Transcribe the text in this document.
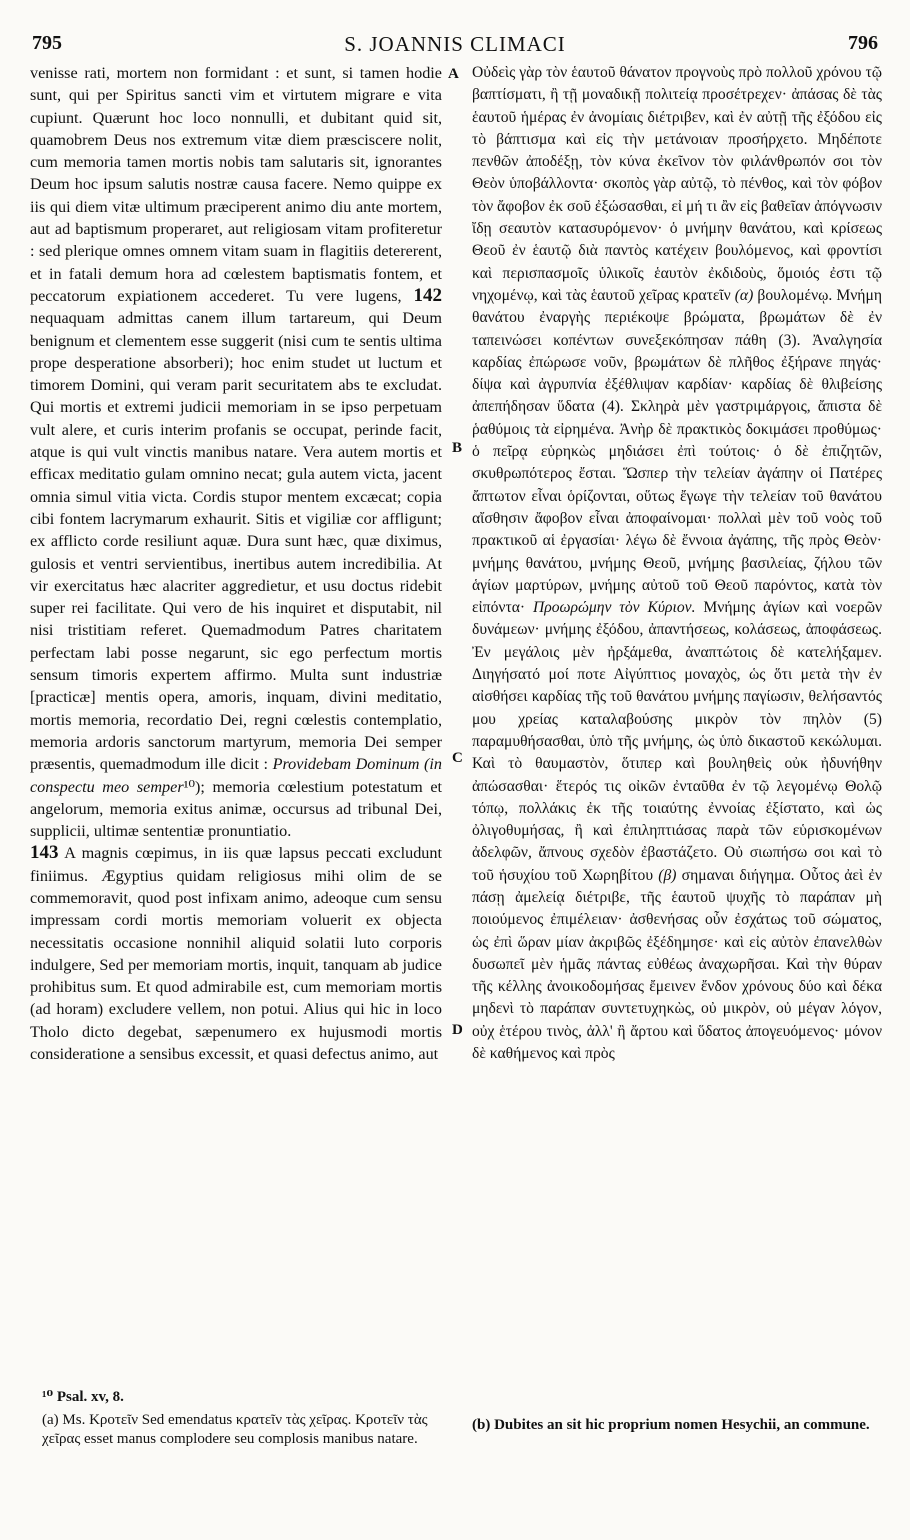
795	S. JOANNIS CLIMACI	796

venisse rati, mortem non formidant : et sunt, si tamen hodie sunt, qui per Spiritus sancti vim et virtutem migrare e vita cupiunt. Quærunt hoc loco nonnulli, et dubitant quid sit, quamobrem Deus nos extremum vitæ diem præsciscere nolit, cum memoria tamen mortis nobis tam salutaris sit, ignorantes Deum hoc ipsum salutis nostræ causa facere. Nemo quippe ex iis qui diem vitæ ultimum præciperent animo diu ante mortem, aut ad baptismum properaret, aut religiosam vitam profiteretur : sed plerique omnes omnem vitam suam in flagitiis detererent, et in fatali demum hora ad cœlestem baptismatis fontem, et peccatorum expiationem accederet. Tu vere lugens, 142 nequaquam admittas canem illum tartareum, qui Deum benignum et clementem esse suggerit (nisi cum te sentis ultima prope desperatione absorberi); hoc enim studet ut luctum et timorem Domini, qui veram parit securitatem abs te excludat. Qui mortis et extremi judicii memoriam in se ipso perpetuam vult alere, et curis interim profanis se occupat, perinde facit, atque is qui vult vinctis manibus natare. Vera autem mortis et efficax meditatio gulam omnino necat; gula autem victa, jacent omnia simul vitia victa. Cordis stupor mentem excæcat; copia cibi fontem lacrymarum exhaurit. Sitis et vigiliæ cor affligunt; ex afflicto corde resiliunt aquæ. Dura sunt hæc, quæ diximus, gulosis et ventri servientibus, inertibus autem incredibilia. At vir exercitatus hæc alacriter aggredietur, et usu doctus ridebit super rei facilitate. Qui vero de his inquiret et disputabit, nil nisi tristitiam referet. Quemadmodum Patres charitatem perfectam labi posse negarunt, sic ego perfectum mortis sensum timoris expertem affirmo. Multa sunt industriæ [practicæ] mentis opera, amoris, inquam, divini meditatio, mortis memoria, recordatio Dei, regni cœlestis contemplatio, memoria ardoris sanctorum martyrum, memoria Dei semper præsentis, quemadmodum ille dicit : Providebam Dominum (in conspectu meo semper¹⁰); memoria cœlestium potestatum et angelorum, memoria exitus animæ, occursus ad tribunal Dei, supplicii, ultimæ sententiæ pronuntiatio.
143 A magnis cœpimus, in iis quæ lapsus peccati excludunt finiimus. Ægyptius quidam religiosus mihi olim de se commemoravit, quod post infixam animo, adeoque cum sensu impressam cordi mortis memoriam voluerit ex objecta necessitatis occasione nonnihil aliquid solatii luto corporis indulgere, Sed per memoriam mortis, inquit, tanquam ab judice prohibitus sum. Et quod admirabile est, cum memoriam mortis (ad horam) excludere vellem, non potui. Alius qui hic in loco Tholo dicto degebat, sæpenumero ex hujusmodi mortis consideratione a sensibus excessit, et quasi defectus animo, aut

A
B
C
D

Οὐδεὶς γὰρ τὸν ἑαυτοῦ θάνατον προγνοὺς πρὸ πολλοῦ χρόνου τῷ βαπτίσματι, ἢ τῇ μοναδικῇ πολιτείᾳ προσέτρεχεν· ἀπάσας δὲ τὰς ἑαυτοῦ ἡμέρας ἐν ἀνομίαις διέτριβεν, καὶ ἐν αὐτῇ τῆς ἐξόδου εἰς τὸ βάπτισμα καὶ εἰς τὴν μετάνοιαν προσήρχετο. Μηδέποτε πενθῶν ἀποδέξῃ, τὸν κύνα ἐκεῖνον τὸν φιλάνθρωπόν σοι τὸν Θεὸν ὑποβάλλοντα· σκοπὸς γὰρ αὐτῷ, τὸ πένθος, καὶ τὸν φόβον τὸν ἄφοβον ἐκ σοῦ ἐξώσασθαι, εἰ μή τι ἂν εἰς βαθεῖαν ἀπόγνωσιν ἴδῃ σεαυτὸν κατασυρόμενον· ὁ μνήμην θανάτου, καὶ κρίσεως Θεοῦ ἐν ἑαυτῷ διὰ παντὸς κατέχειν βουλόμενος, καὶ φροντίσι καὶ περισπασμοῖς ὑλικοῖς ἑαυτὸν ἐκδιδοὺς, ὅμοιός ἐστι τῷ νηχομένῳ, καὶ τὰς ἑαυτοῦ χεῖρας κρατεῖν (α) βουλομένῳ. Μνήμη θανάτου ἐναργὴς περιέκοψε βρώματα, βρωμάτων δὲ ἐν ταπεινώσει κοπέντων συνεξεκόπησαν πάθη (3). Ἀναλγησία καρδίας ἐπώρωσε νοῦν, βρωμάτων δὲ πλῆθος ἐξήρανε πηγάς· δίψα καὶ ἀγρυπνία ἐξέθλιψαν καρδίαν· καρδίας δὲ θλιβείσης ἀπεπήδησαν ὕδατα (4). Σκληρὰ μὲν γαστριμάργοις, ἄπιστα δὲ ῥαθύμοις τὰ εἰρημένα. Ἀνὴρ δὲ πρακτικὸς δοκιμάσει προθύμως· ὁ πεῖρᾳ εὑρηκὼς μηδιάσει ἐπὶ τούτοις· ὁ δὲ ἐπιζητῶν, σκυθρωπότερος ἔσται. Ὥσπερ τὴν τελείαν ἀγάπην οἱ Πατέρες ἄπτωτον εἶναι ὁρίζονται, οὕτως ἔγωγε τὴν τελείαν τοῦ θανάτου αἴσθησιν ἄφοβον εἶναι ἀποφαίνομαι· πολλαὶ μὲν τοῦ νοὸς τοῦ πρακτικοῦ αἱ ἐργασίαι· λέγω δὲ ἔννοια ἀγάπης, τῆς πρὸς Θεὸν· μνήμης θανάτου, μνήμης Θεοῦ, μνήμης βασιλείας, ζήλου τῶν ἁγίων μαρτύρων, μνήμης αὐτοῦ τοῦ Θεοῦ παρόντος, κατὰ τὸν εἰπόντα· Προωρώμην τὸν Κύριον. Μνήμης ἁγίων καὶ νοερῶν δυνάμεων· μνήμης ἐξόδου, ἀπαντήσεως, κολάσεως, ἀποφάσεως. Ἐν μεγάλοις μὲν ἠρξάμεθα, ἀναπτώτοις δὲ κατελήξαμεν. Διηγήσατό μοί ποτε Αἰγύπτιος μοναχὸς, ὡς ὅτι μετὰ τὴν ἐν αἰσθήσει καρδίας τῆς τοῦ θανάτου μνήμης παγίωσιν, θελήσαντός μου χρείας καταλαβούσης μικρὸν τὸν πηλὸν (5) παραμυθήσασθαι, ὑπὸ τῆς μνήμης, ὡς ὑπὸ δικαστοῦ κεκώλυμαι. Καὶ τὸ θαυμαστὸν, ὅτιπερ καὶ βουληθεὶς οὐκ ἠδυνήθην ἀπώσασθαι· ἕτερός τις οἰκῶν ἐνταῦθα ἐν τῷ λεγομένῳ Θολῷ τόπῳ, πολλάκις ἐκ τῆς τοιαύτης ἐννοίας ἐξίστατο, καὶ ὡς ὀλιγοθυμήσας, ἢ καὶ ἐπιληπτιάσας παρὰ τῶν εὑρισκομένων ἀδελφῶν, ἄπνους σχεδὸν ἐβαστάζετο. Οὐ σιωπήσω σοι καὶ τὸ τοῦ ἡσυχίου τοῦ Χωρηβίτου (β) σημαναι διήγημα. Οὗτος ἀεὶ ἐν πάσῃ ἀμελείᾳ διέτριβε, τῆς ἑαυτοῦ ψυχῆς τὸ παράπαν μὴ ποιούμενος ἐπιμέλειαν· ἀσθενήσας οὖν ἐσχάτως τοῦ σώματος, ὡς ἐπὶ ὥραν μίαν ἀκριβῶς ἐξέδημησε· καὶ εἰς αὐτὸν ἐπανελθὼν δυσωπεῖ μὲν ἡμᾶς πάντας εὐθέως ἀναχωρῆσαι. Καὶ τὴν θύραν τῆς κέλλης ἀνοικοδομήσας ἔμεινεν ἔνδον χρόνους δύο καὶ δέκα μηδενὶ τὸ παράπαν συντετυχηκὼς, οὐ μικρὸν, οὐ μέγαν λόγον, οὐχ ἑτέρου τινὸς, ἀλλ' ἢ ἄρτου καὶ ὕδατος ἀπογευόμενος· μόνον δὲ καθήμενος καὶ πρὸς

¹⁰ Psal. xv, 8.

(a) Ms. Κροτεῖν Sed emendatus κρατεῖν τὰς χεῖρας. Κροτεῖν τὰς χεῖρας esset manus complodere seu complosis manibus natare.

(b) Dubites an sit hic proprium nomen Hesychii, an commune.
